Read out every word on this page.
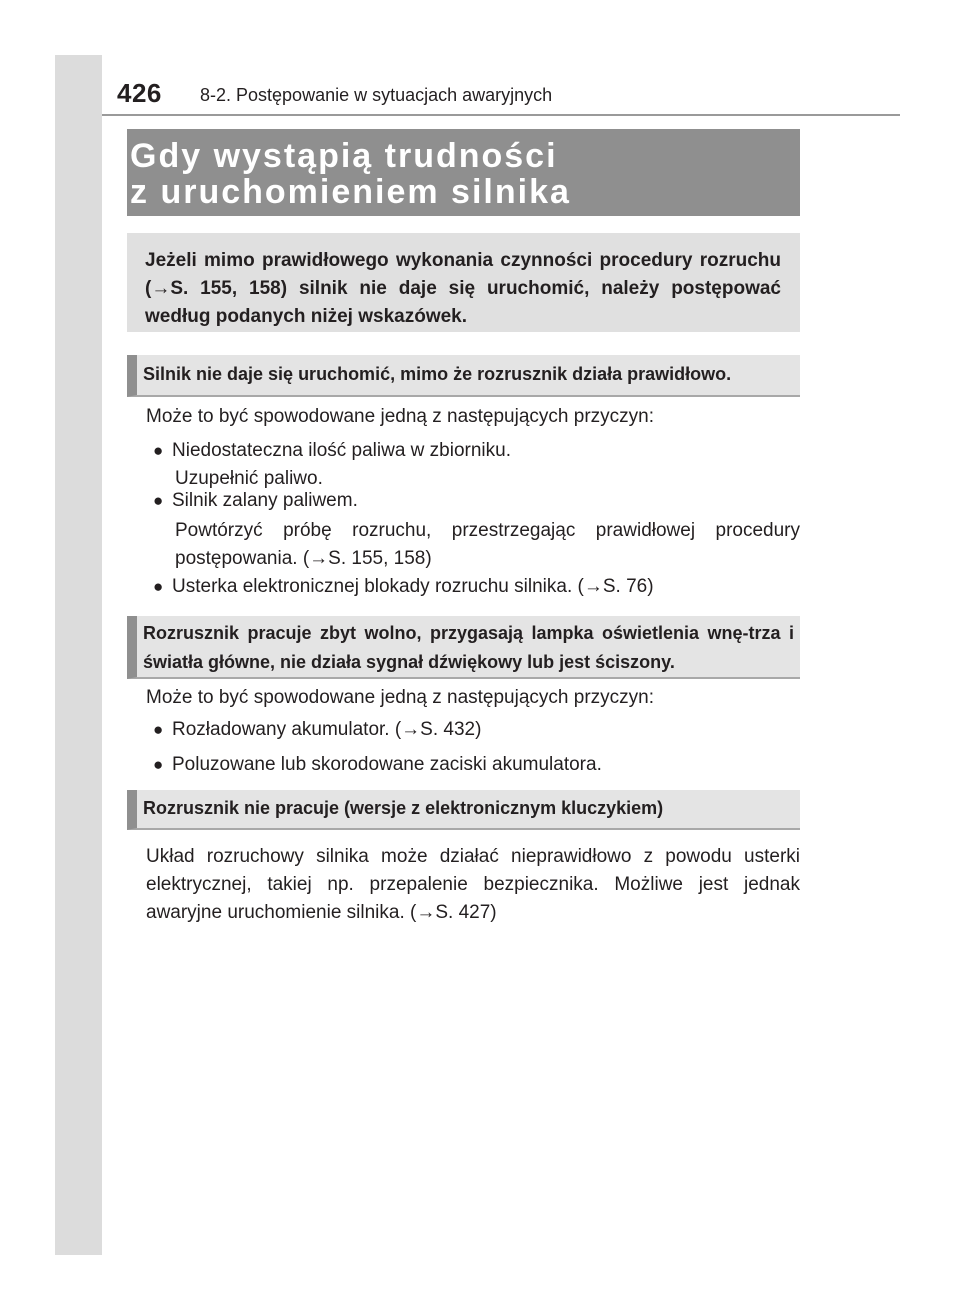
426 8-2. Postępowanie w sytuacjach awaryjnych
Gdy wystąpią trudności
z uruchomieniem silnika
Jeżeli mimo prawidłowego wykonania czynności procedury rozruchu (→S. 155, 158) silnik nie daje się uruchomić, należy postępować według podanych niżej wskazówek.
Silnik nie daje się uruchomić, mimo że rozrusznik działa prawidłowo.
Może to być spowodowane jedną z następujących przyczyn:
● Niedostateczna ilość paliwa w zbiorniku.
Uzupełnić paliwo.
● Silnik zalany paliwem.
Powtórzyć próbę rozruchu, przestrzegając prawidłowej procedury postępowania. (→S. 155, 158)
● Usterka elektronicznej blokady rozruchu silnika. (→S. 76)
Rozrusznik pracuje zbyt wolno, przygasają lampka oświetlenia wnę-trza i światła główne, nie działa sygnał dźwiękowy lub jest ściszony.
Może to być spowodowane jedną z następujących przyczyn:
● Rozładowany akumulator. (→S. 432)
● Poluzowane lub skorodowane zaciski akumulatora.
Rozrusznik nie pracuje (wersje z elektronicznym kluczykiem)
Układ rozruchowy silnika może działać nieprawidłowo z powodu usterki elektrycznej, takiej np. przepalenie bezpiecznika. Możliwe jest jednak awaryjne uruchomienie silnika. (→S. 427)
